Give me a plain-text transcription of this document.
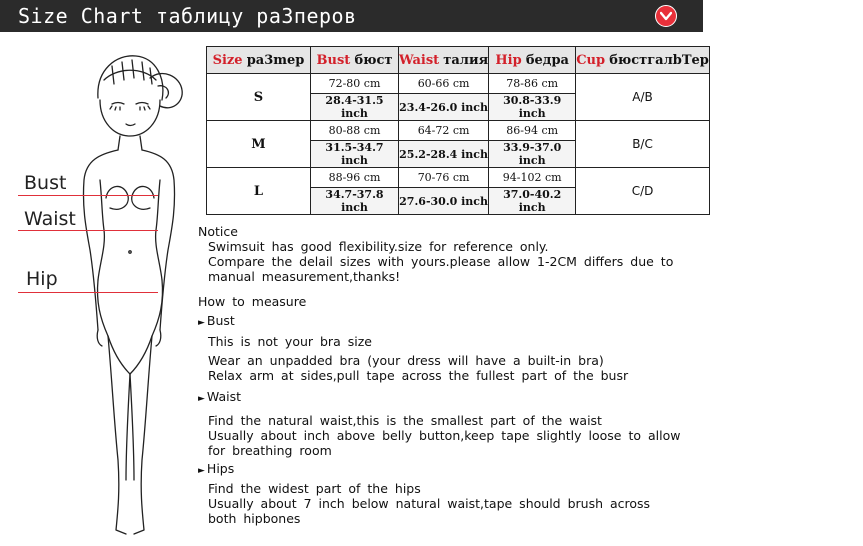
Size Chart таблицу ра3перов
Bust
Waist
Hip
Size ра3mер	Bust бюст	Waist талия	Hip бедра	Cup бюстгалbТер
S	72-80 cm	60-66 cm	78-86 cm	A/B
	28.4-31.5 inch	23.4-26.0 inch	30.8-33.9 inch	
M	80-88 cm	64-72 cm	86-94 cm	B/C
	31.5-34.7 inch	25.2-28.4 inch	33.9-37.0 inch	
L	88-96 cm	70-76 cm	94-102 cm	C/D
	34.7-37.8 inch	27.6-30.0 inch	37.0-40.2 inch	

Notice

Swimsuit has good flexibility.size for reference only.

Compare the delail sizes with yours.please allow 1-2CM differs due to

manual measurement,thanks!

How to measure

► Bust

This is not your bra size

Wear an unpadded bra (your dress will have a built-in bra)

Relax arm at sides,pull tape across the fullest part of the busr

► Waist

Find the natural waist,this is the smallest part of the waist

Usually about inch above belly button,keep tape slightly loose to allow

for breathing room

► Hips

Find the widest part of the hips

Usually about 7 inch below natural waist,tape should brush across

both hipbones
